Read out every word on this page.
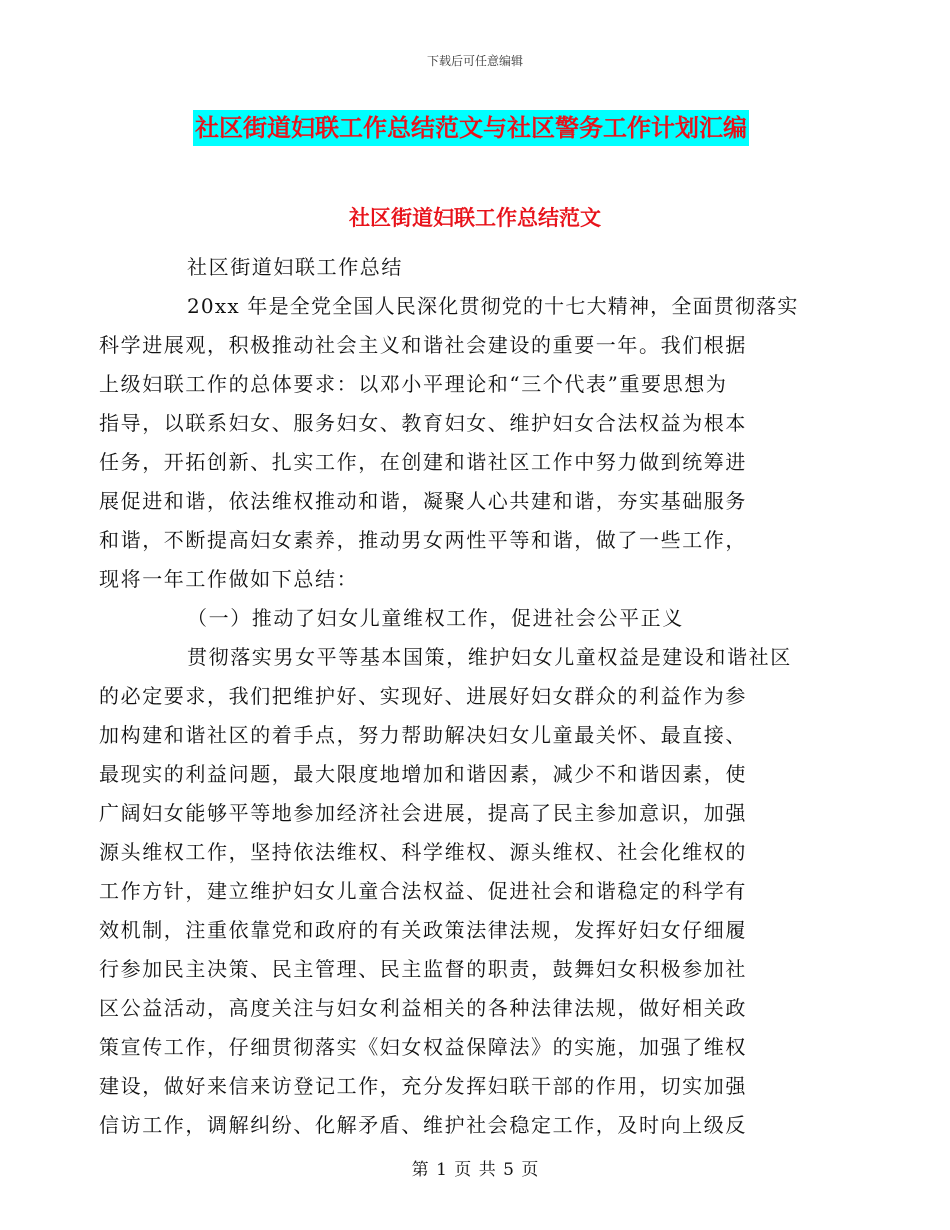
下载后可任意编辑
社区街道妇联工作总结范文与社区警务工作计划汇编
社区街道妇联工作总结范文

社区街道妇联工作总结

20xx 年是全党全国人民深化贯彻党的十七大精神，全面贯彻落实
科学进展观，积极推动社会主义和谐社会建设的重要一年。我们根据
上级妇联工作的总体要求：以邓小平理论和“三个代表”重要思想为
指导，以联系妇女、服务妇女、教育妇女、维护妇女合法权益为根本
任务，开拓创新、扎实工作，在创建和谐社区工作中努力做到统筹进
展促进和谐，依法维权推动和谐，凝聚人心共建和谐，夯实基础服务
和谐，不断提高妇女素养，推动男女两性平等和谐，做了一些工作，
现将一年工作做如下总结：

（一）推动了妇女儿童维权工作，促进社会公平正义

贯彻落实男女平等基本国策，维护妇女儿童权益是建设和谐社区
的必定要求，我们把维护好、实现好、进展好妇女群众的利益作为参
加构建和谐社区的着手点，努力帮助解决妇女儿童最关怀、最直接、
最现实的利益问题，最大限度地增加和谐因素，减少不和谐因素，使
广阔妇女能够平等地参加经济社会进展，提高了民主参加意识，加强
源头维权工作，坚持依法维权、科学维权、源头维权、社会化维权的
工作方针，建立维护妇女儿童合法权益、促进社会和谐稳定的科学有
效机制，注重依靠党和政府的有关政策法律法规，发挥好妇女仔细履
行参加民主决策、民主管理、民主监督的职责，鼓舞妇女积极参加社
区公益活动，高度关注与妇女利益相关的各种法律法规，做好相关政
策宣传工作，仔细贯彻落实《妇女权益保障法》的实施，加强了维权
建设，做好来信来访登记工作，充分发挥妇联干部的作用，切实加强
信访工作，调解纠纷、化解矛盾、维护社会稳定工作，及时向上级反

第 1 页 共 5 页
